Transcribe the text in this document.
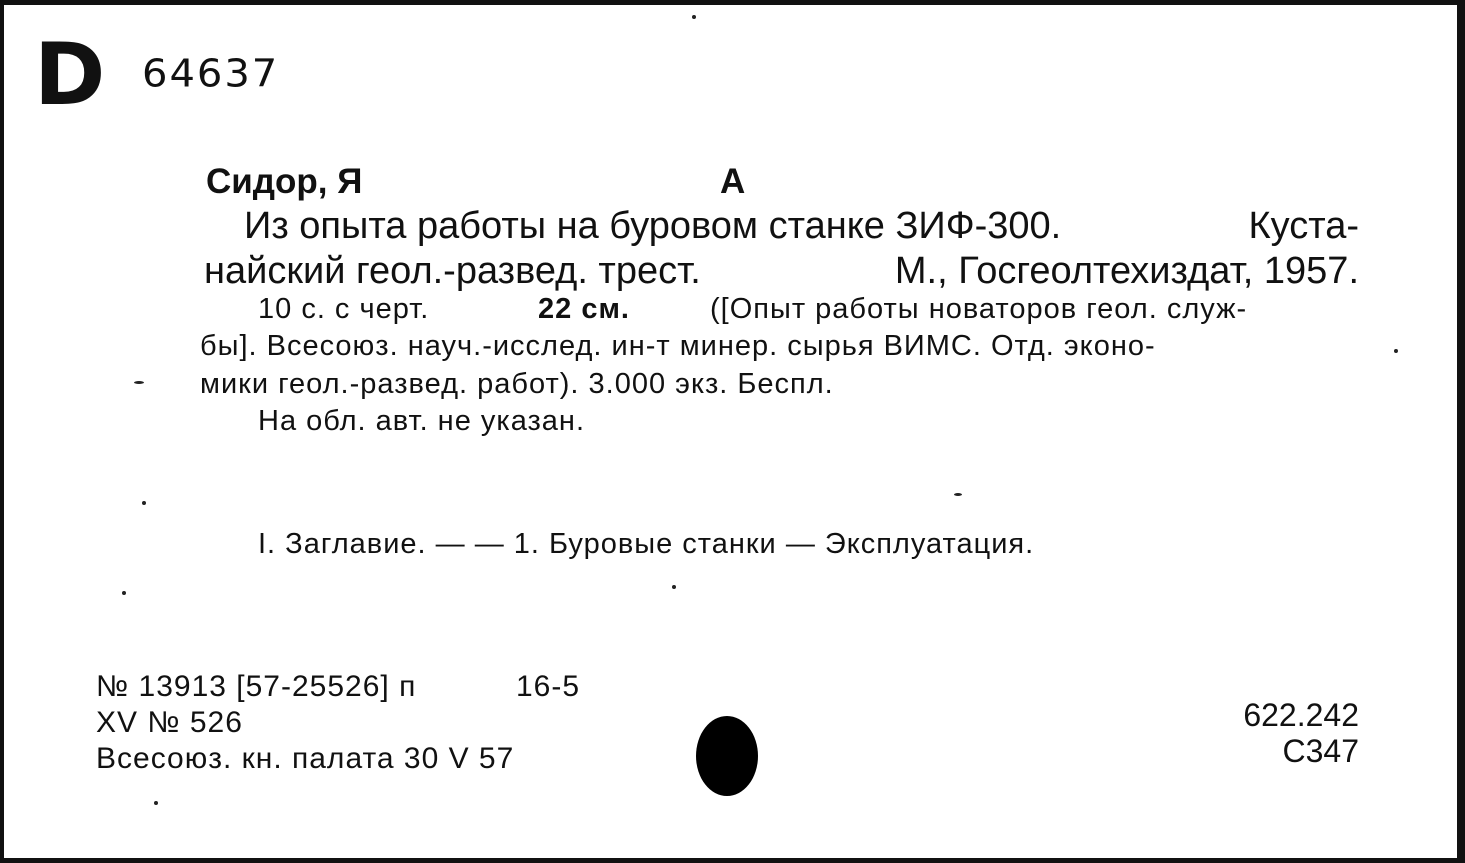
D 64637
Сидор, Я	А
Из опыта работы на буровом станке ЗИФ-300.	Куста-
найский геол.-развед. трест.	М., Госгеолтехиздат, 1957.
10 с. с черт.	22 см.	([Опыт работы новаторов геол. служ-
бы]. Всесоюз. науч.-исслед. ин-т минер. сырья ВИМС. Отд. эконо-
мики геол.-развед. работ). 3.000 экз. Беспл.
На обл. авт. не указан.
I. Заглавие. — — 1. Буровые станки — Эксплуатация.
№ 13913 [57-25526] п	16-5
XV № 526
Всесоюз. кн. палата 30 V 57
622.242
С347
